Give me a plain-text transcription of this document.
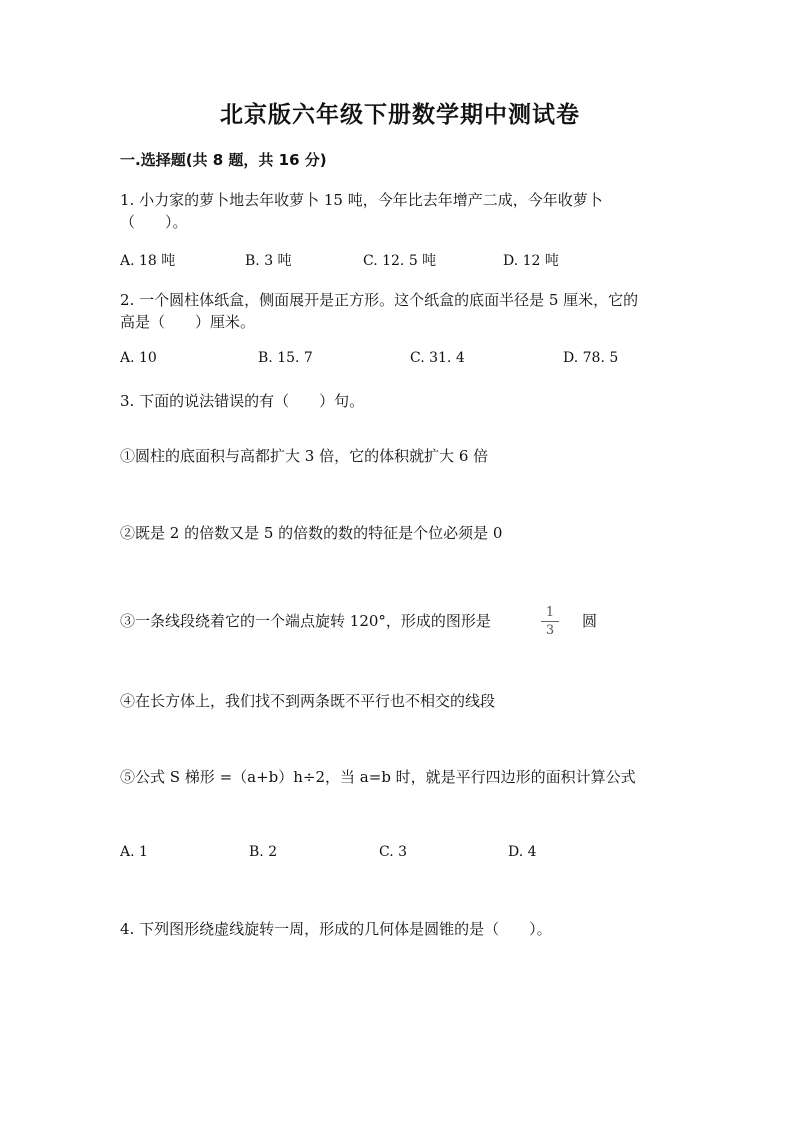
北京版六年级下册数学期中测试卷
一.选择题(共 8 题，共 16 分)
1. 小力家的萝卜地去年收萝卜 15 吨，今年比去年增产二成，今年收萝卜
（　　）。
A. 18 吨	B. 3 吨	C. 12. 5 吨	D. 12 吨
2. 一个圆柱体纸盒，侧面展开是正方形。这个纸盒的底面半径是 5 厘米，它的
高是（　　）厘米。
A. 10	B. 15. 7	C. 31. 4	D. 78. 5
3. 下面的说法错误的有（　　）句。
①圆柱的底面积与高都扩大 3 倍，它的体积就扩大 6 倍
②既是 2 的倍数又是 5 的倍数的数的特征是个位必须是 0
③一条线段绕着它的一个端点旋转 120°，形成的图形是	1
3
圆
④在长方体上，我们找不到两条既不平行也不相交的线段
⑤公式 S 梯形 =（a+b）h÷2，当 a=b 时，就是平行四边形的面积计算公式
A. 1	B. 2	C. 3	D. 4
4. 下列图形绕虚线旋转一周，形成的几何体是圆锥的是（　　）。
